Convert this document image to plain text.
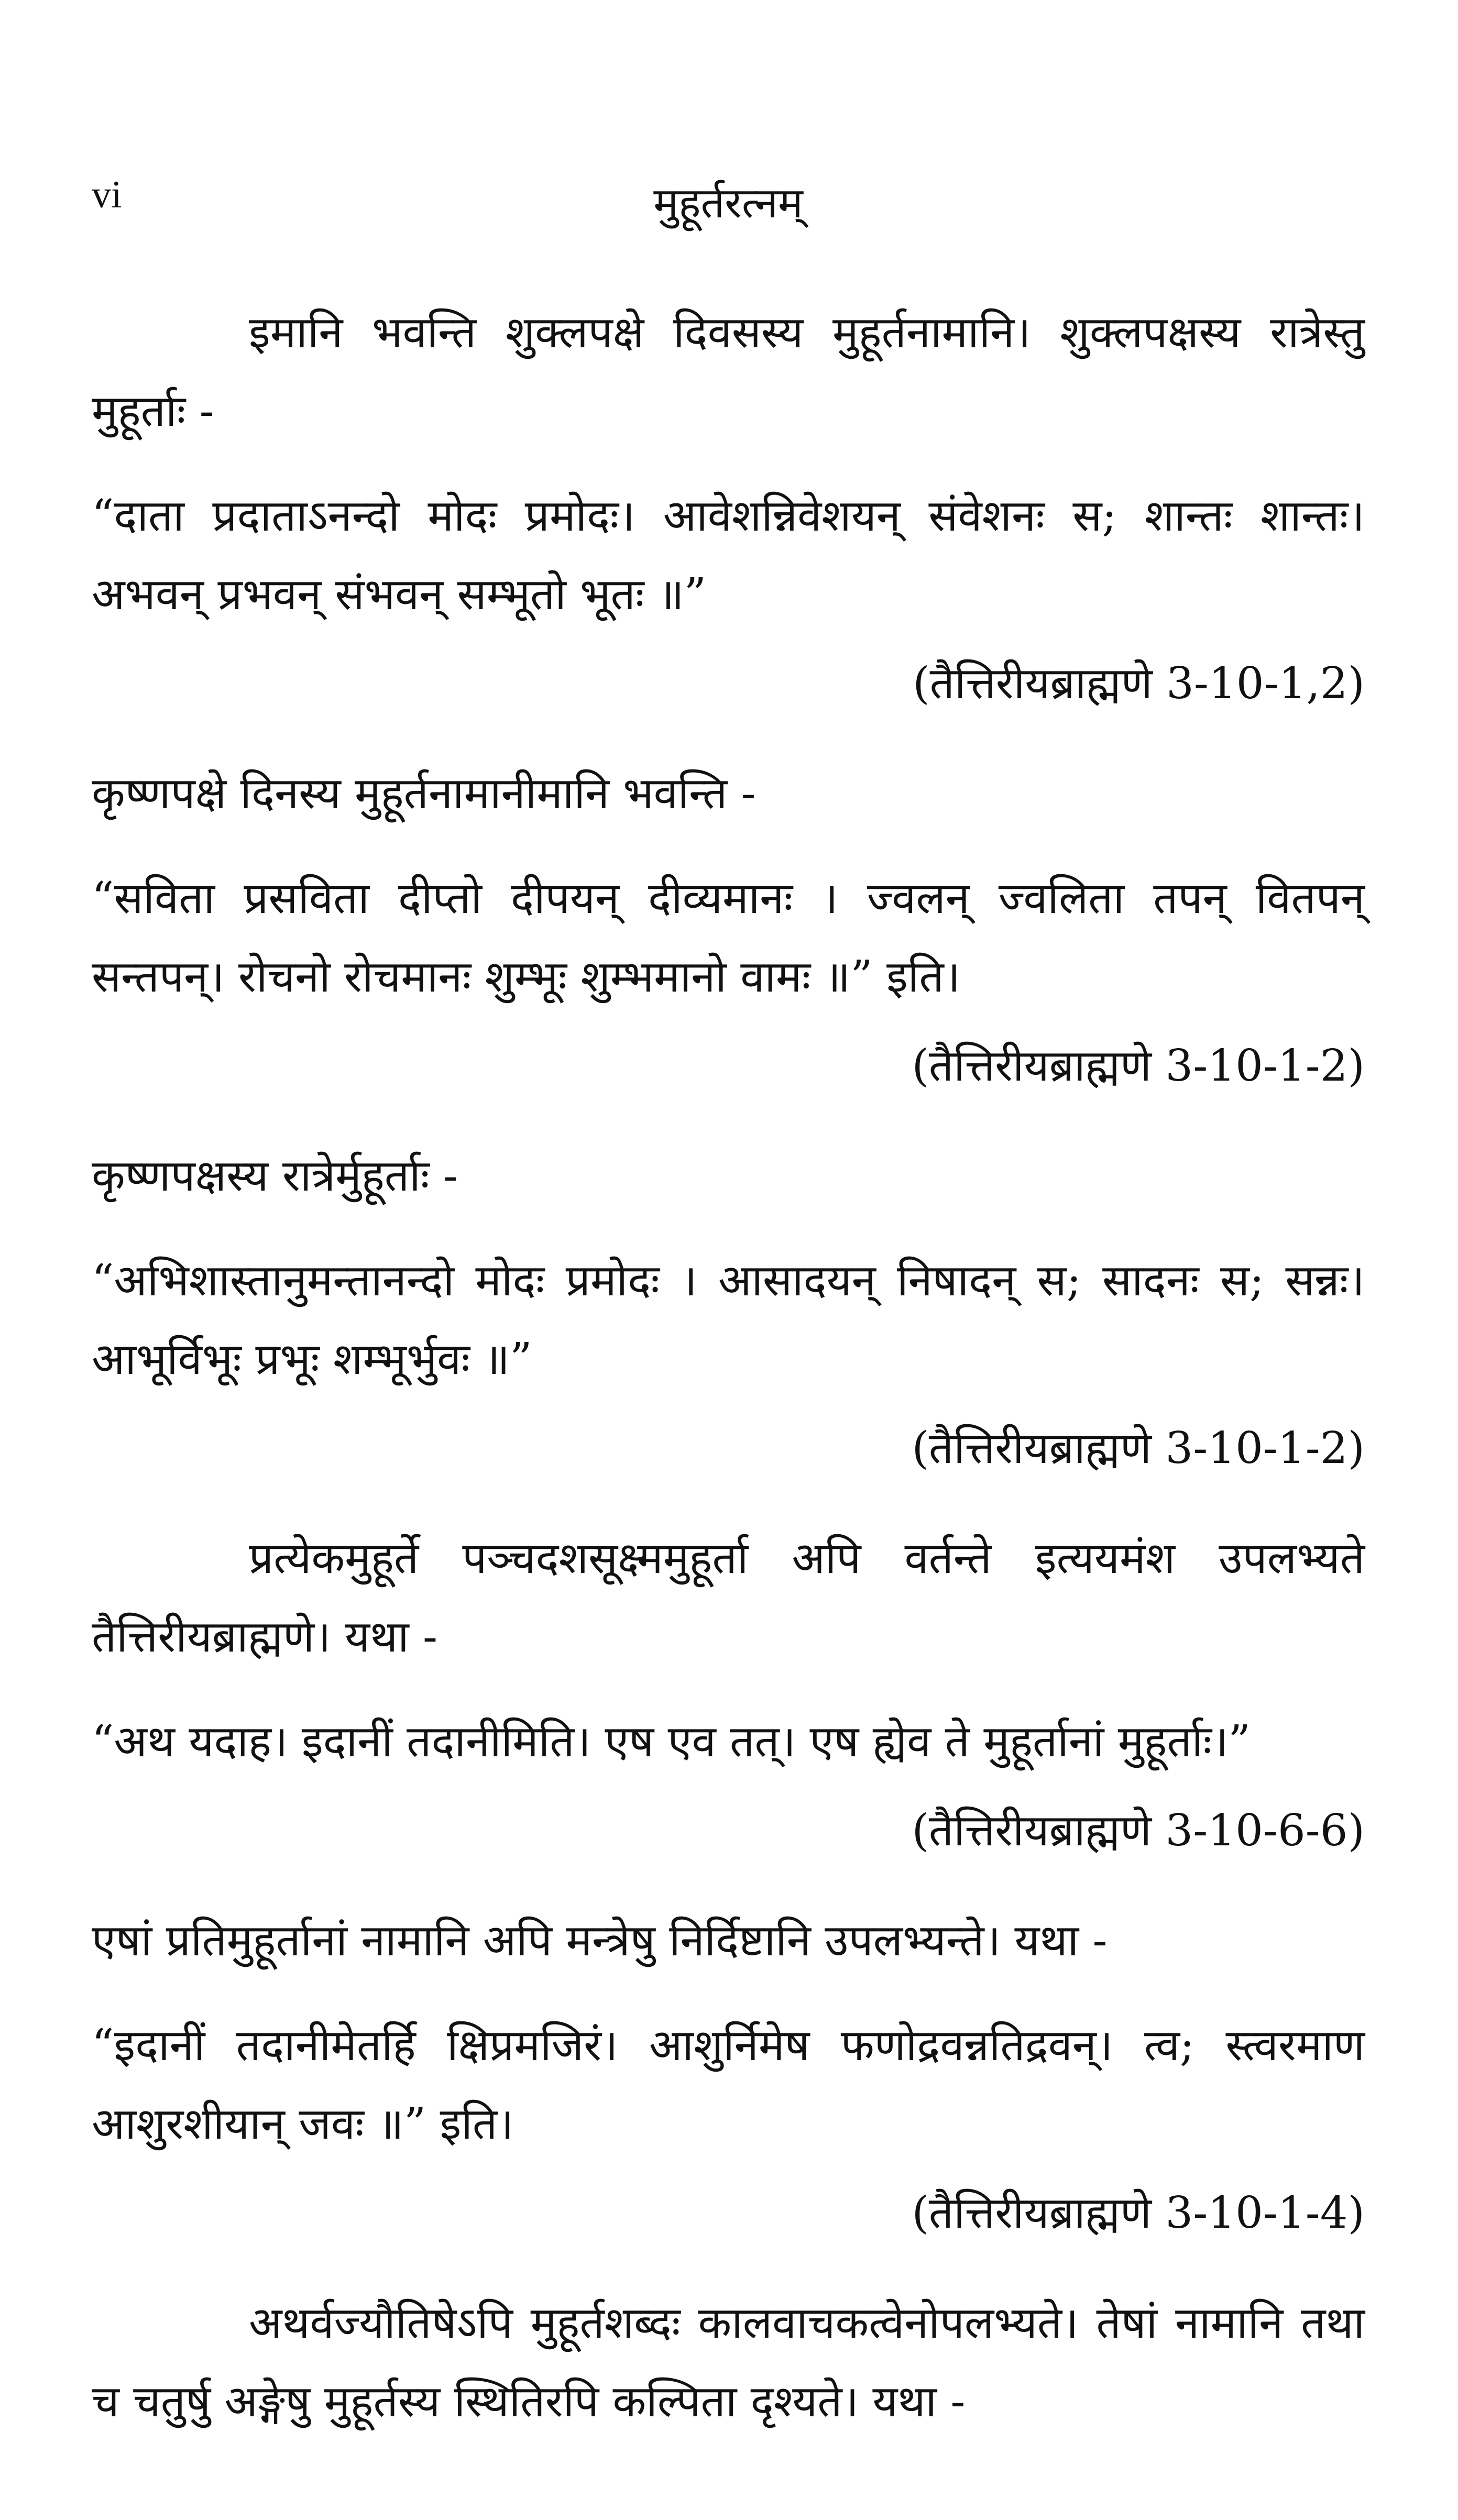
vi	मुहूर्तरत्नम्

इमानि भवन्ति शुक्लपक्षे दिवसस्य मुहूर्तनामानि। शुक्लपक्षस्य रात्रेस्तु मुहूर्ताः -

“दाता प्रदाताऽनन्दो मोदः प्रमोदः। आवेशन्निवेशयन् संवेशनः स; शान्तः शान्तः। अभवन् प्रभवन् संभवन् सम्भूतो भूतः ॥”

(तैत्तिरीयब्राह्मणे 3-10-1,2)

कृष्णपक्षे दिनस्य मुहूर्तनामानीमानि भवन्ति -

“सविता प्रसविता दीप्तो दीपयन् दीव्यमानः । ज्वलन् ज्वलिता तपन् वितपन् सन्तपन्। रोचनो रोचमानः शुम्भूः शुम्भमानो वामः ॥” इति।

(तैत्तिरीयब्राह्मणे 3-10-1-2)

कृष्णपक्षस्य रात्रेर्मुहूर्ताः -

“अभिशास्तानुमन्तानन्दो मोदः प्रमोदः । आसादयन् निषादन् स; सादनः स; सन्नः। आभूर्विभूः प्रभूः शम्भूर्भुवः ॥”

(तैत्तिरीयब्राह्मणे 3-10-1-2)

प्रत्येकमुहूर्ते पञ्चदशसूक्ष्ममुहूर्ता अपि वर्तन्ते इत्ययमंश उपलभ्यते तैत्तिरीयब्राह्मणे। यथा -

“अथ यदाह। इदानीं तदानीमिति। एष एव तत्। एष ह्येव ते मुहूर्तानां मुहूर्ताः।”

(तैत्तिरीयब्राह्मणे 3-10-6-6)

एषां प्रतिमुहूर्तानां नामानि अपि मन्त्रेषु निर्दिष्टानि उपलभ्यन्ते। यथा -

“इदानीं तदानीमेतर्हि क्षिप्रमजिरं। आशुर्निमेष फणोद्रवन्नतिद्रवन्। त्व; स्त्वरमाण आशुरशीयान् जवः ॥” इति।

(तैत्तिरीयब्राह्मणे 3-10-1-4)

अथर्वज्यौतिषेऽपि मुहूर्तशब्दः कालवाचकत्वेनोपलभ्यते। तेषां नामानि तथा च चतुर्षु अङ्गेषु मुहूर्तस्य स्थितिरपि कल्पिता दृश्यते। यथा -
